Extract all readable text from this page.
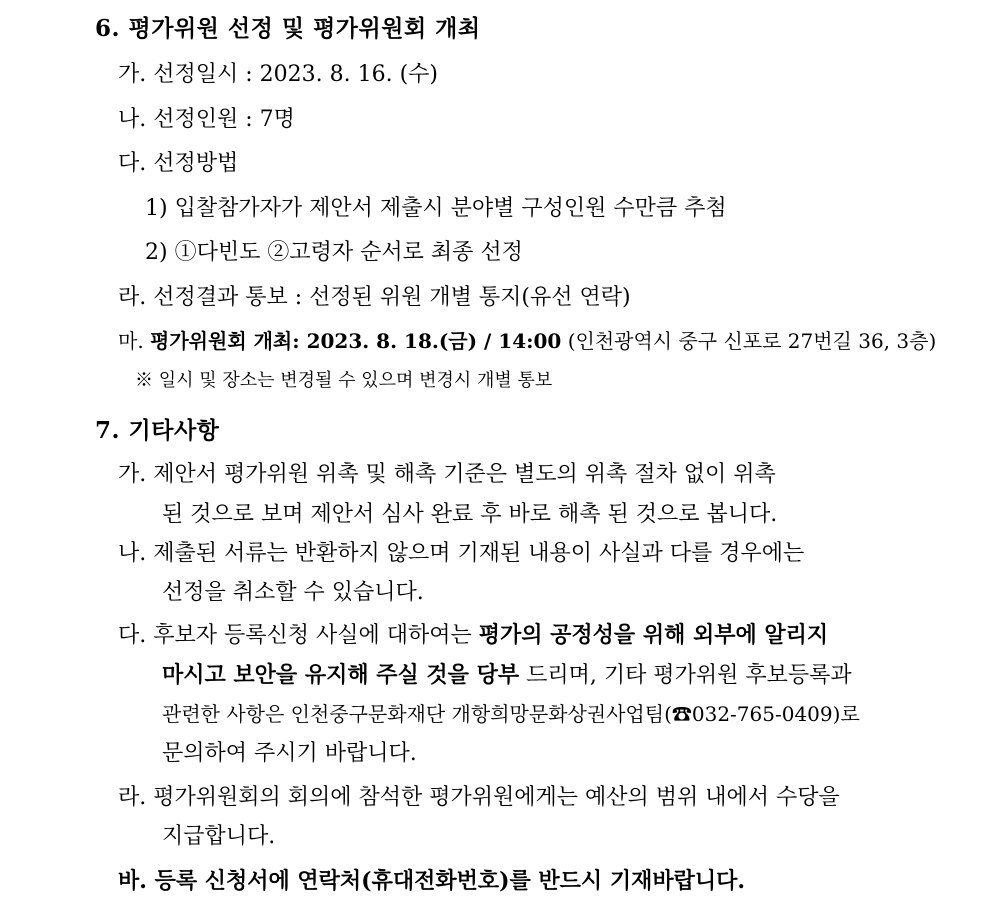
6. 평가위원 선정 및 평가위원회 개최
가. 선정일시 : 2023. 8. 16. (수)
나. 선정인원 : 7명
다. 선정방법
1) 입찰참가자가 제안서 제출시 분야별 구성인원 수만큼 추첨
2) ①다빈도 ②고령자 순서로 최종 선정
라. 선정결과 통보 : 선정된 위원 개별 통지(유선 연락)
마. 평가위원회 개최: 2023. 8. 18.(금) / 14:00 (인천광역시 중구 신포로 27번길 36, 3층)
※ 일시 및 장소는 변경될 수 있으며 변경시 개별 통보
7. 기타사항
가. 제안서 평가위원 위촉 및 해촉 기준은 별도의 위촉 절차 없이 위촉
된 것으로 보며 제안서 심사 완료 후 바로 해촉 된 것으로 봅니다.
나. 제출된 서류는 반환하지 않으며 기재된 내용이 사실과 다를 경우에는
선정을 취소할 수 있습니다.
다. 후보자 등록신청 사실에 대하여는 평가의 공정성을 위해 외부에 알리지
마시고 보안을 유지해 주실 것을 당부 드리며, 기타 평가위원 후보등록과
관련한 사항은 인천중구문화재단 개항희망문화상권사업팀(☎032-765-0409)로
문의하여 주시기 바랍니다.
라. 평가위원회의 회의에 참석한 평가위원에게는 예산의 범위 내에서 수당을
지급합니다.
바. 등록 신청서에 연락처(휴대전화번호)를 반드시 기재바랍니다.
